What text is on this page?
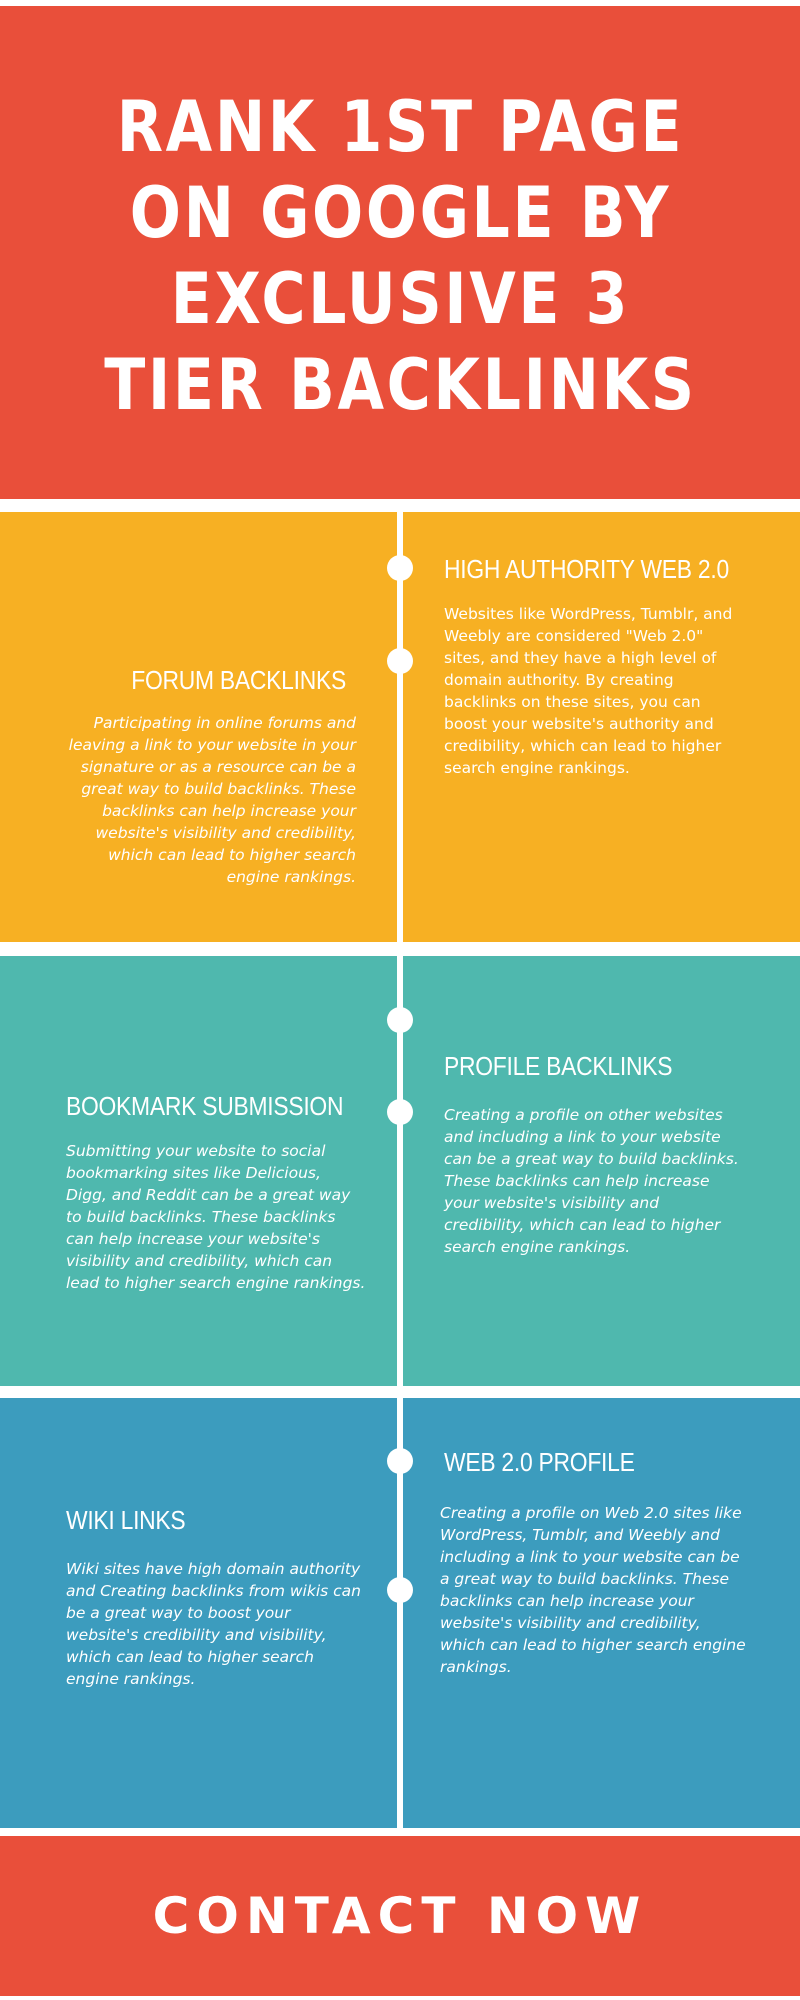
RANK 1ST PAGE
ON GOOGLE BY
EXCLUSIVE 3
TIER BACKLINKS
FORUM BACKLINKS

Participating in online forums and leaving a link to your website in your signature or as a resource can be a great way to build backlinks. These backlinks can help increase your website's visibility and credibility, which can lead to higher search engine rankings.

HIGH AUTHORITY WEB 2.0

Websites like WordPress, Tumblr, and Weebly are considered "Web 2.0" sites, and they have a high level of domain authority. By creating backlinks on these sites, you can boost your website's authority and credibility, which can lead to higher search engine rankings.

BOOKMARK SUBMISSION

Submitting your website to social bookmarking sites like Delicious, Digg, and Reddit can be a great way to build backlinks. These backlinks can help increase your website's visibility and credibility, which can lead to higher search engine rankings.

PROFILE BACKLINKS

Creating a profile on other websites and including a link to your website can be a great way to build backlinks. These backlinks can help increase your website's visibility and credibility, which can lead to higher search engine rankings.

WIKI LINKS

Wiki sites have high domain authority and Creating backlinks from wikis can be a great way to boost your website's credibility and visibility, which can lead to higher search engine rankings.

WEB 2.0 PROFILE

Creating a profile on Web 2.0 sites like WordPress, Tumblr, and Weebly and including a link to your website can be a great way to build backlinks. These backlinks can help increase your website's visibility and credibility, which can lead to higher search engine rankings.

CONTACT NOW
